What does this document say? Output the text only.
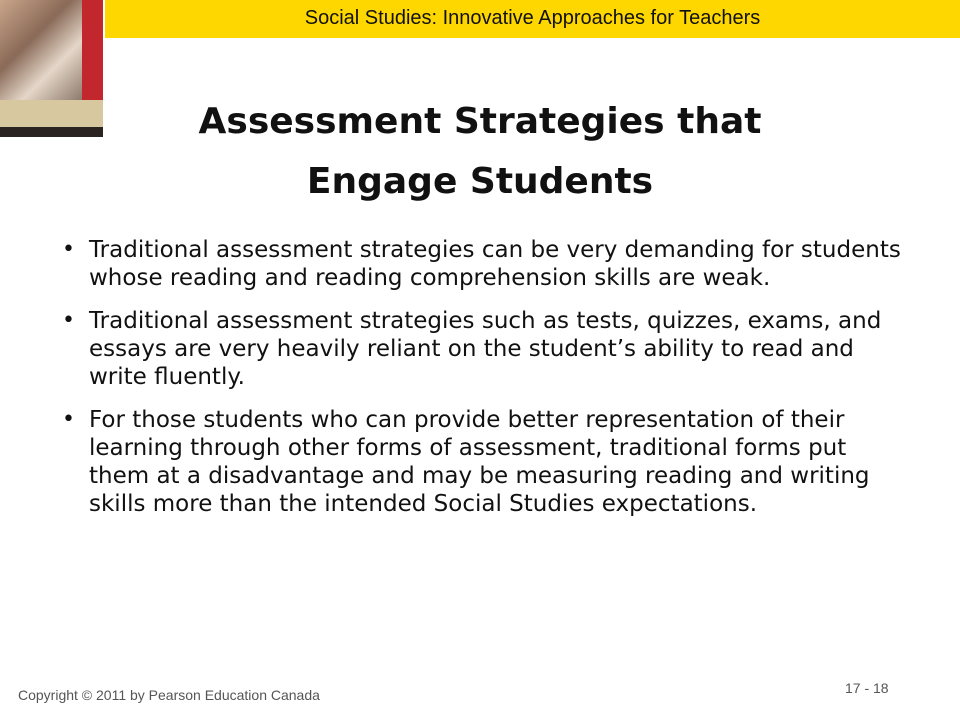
Social Studies: Innovative Approaches for Teachers
Assessment Strategies that
Engage Students
• Traditional assessment strategies can be very demanding for students whose reading and reading comprehension skills are weak.
• Traditional assessment strategies such as tests, quizzes, exams, and essays are very heavily reliant on the student’s ability to read and write fluently.
• For those students who can provide better representation of their learning through other forms of assessment, traditional forms put them at a disadvantage and may be measuring reading and writing skills more than the intended Social Studies expectations.
Copyright © 2011 by Pearson Education Canada	17 - 18
